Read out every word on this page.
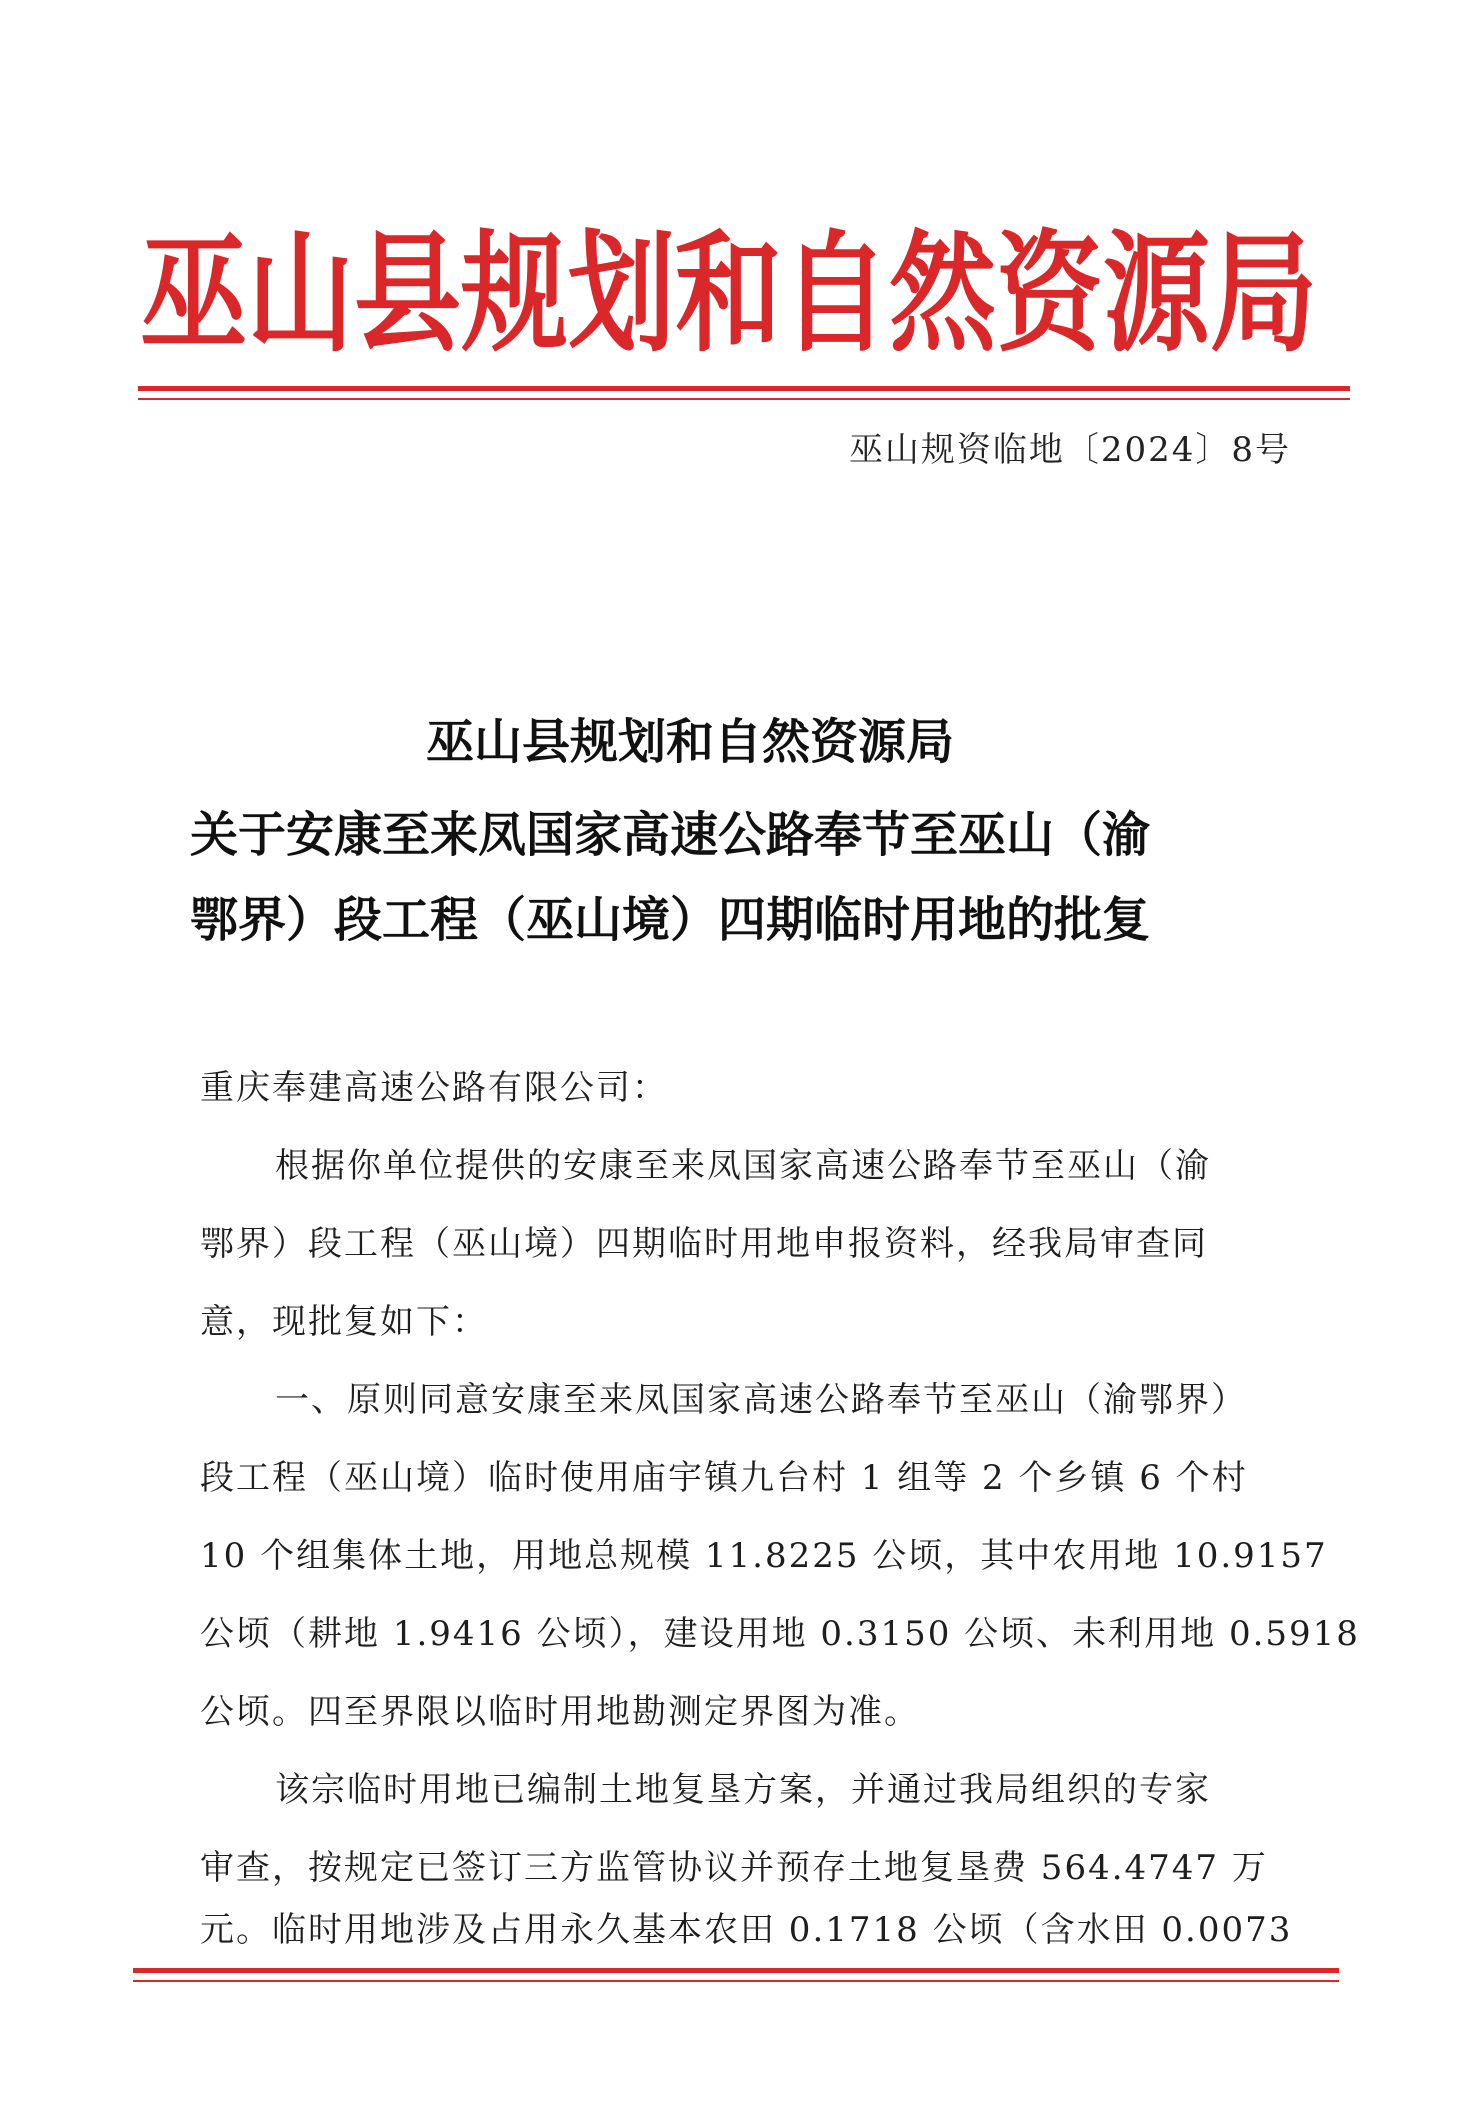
巫山县规划和自然资源局
巫山规资临地〔2024〕8号
巫山县规划和自然资源局
关于安康至来凤国家高速公路奉节至巫山（渝
鄂界）段工程（巫山境）四期临时用地的批复
重庆奉建高速公路有限公司：
根据你单位提供的安康至来凤国家高速公路奉节至巫山（渝
鄂界）段工程（巫山境）四期临时用地申报资料，经我局审查同
意，现批复如下：
一、原则同意安康至来凤国家高速公路奉节至巫山（渝鄂界）
段工程（巫山境）临时使用庙宇镇九台村 1 组等 2 个乡镇 6 个村
10 个组集体土地，用地总规模 11.8225 公顷，其中农用地 10.9157
公顷（耕地 1.9416 公顷），建设用地 0.3150 公顷、未利用地 0.5918
公顷。四至界限以临时用地勘测定界图为准。
该宗临时用地已编制土地复垦方案，并通过我局组织的专家
审查，按规定已签订三方监管协议并预存土地复垦费 564.4747 万
元。临时用地涉及占用永久基本农田 0.1718 公顷（含水田 0.0073
